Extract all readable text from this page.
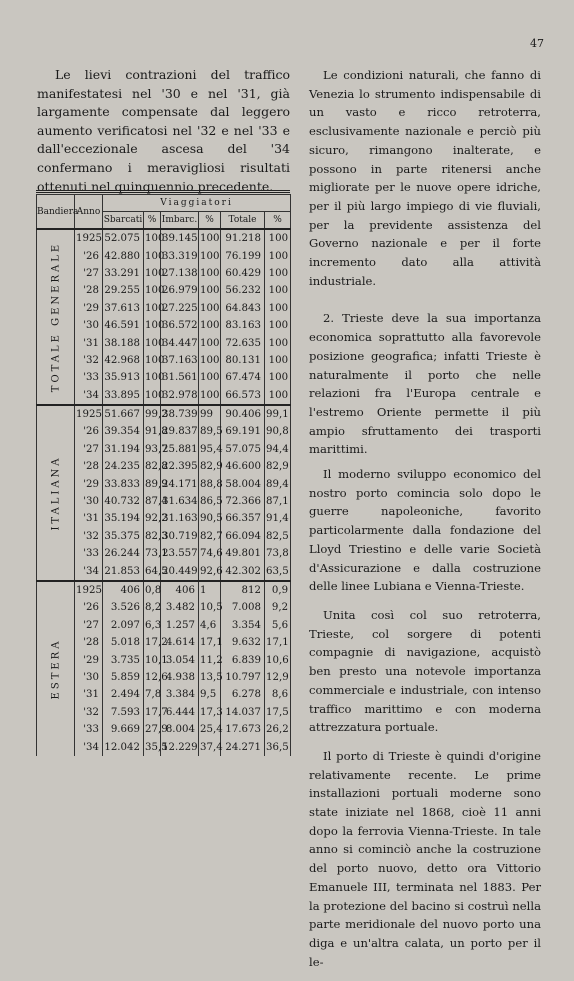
47

Le lievi contrazioni del traffico manifestatesi nel '30 e nel '31, già largamente compensate dal leggero aumento verificatosi nel '32 e nel '33 e dall'eccezionale ascesa del '34 confermano i meravigliosi risultati ottenuti nel quinquennio precedente.

Bandiera	Anno	Viaggiatori					
		Sbarcati	%	Imbarc.	%	Totale	%

TOTALE GENERALE	1925	52.075	100	39.145	100	91.218	100
	'26	42.880	100	33.319	100	76.199	100
	'27	33.291	100	27.138	100	60.429	100
	'28	29.255	100	26.979	100	56.232	100
	'29	37.613	100	27.225	100	64.843	100
	'30	46.591	100	36.572	100	83.163	100
	'31	38.188	100	34.447	100	72.635	100
	'32	42.968	100	37.163	100	80.131	100
	'33	35.913	100	31.561	100	67.474	100
	'34	33.895	100	32.978	100	66.573	100

ITALIANA	1925	51.667	99,2	38.739	99	90.406	99,1
	'26	39.354	91,8	29.837	89,5	69.191	90,8
	'27	31.194	93,7	25.881	95,4	57.075	94,4
	'28	24.235	82,8	22.395	82,9	46.600	82,9
	'29	33.833	89,9	24.171	88,8	58.004	89,4
	'30	40.732	87,4	31.634	86,5	72.366	87,1
	'31	35.194	92,2	31.163	90,5	66.357	91,4
	'32	35.375	82,3	30.719	82,7	66.094	82,5
	'33	26.244	73,1	23.557	74,6	49.801	73,8
	'34	21.853	64,5	20.449	92,6	42.302	63,5

ESTERA	1925	406	0,8	406	1	812	0,9
	'26	3.526	8,2	3.482	10,5	7.008	9,2
	'27	2.097	6,3	1.257	4,6	3.354	5,6
	'28	5.018	17,2	4.614	17,1	9.632	17,1
	'29	3.735	10,1	3.054	11,2	6.839	10,6
	'30	5.859	12,6	4.938	13,5	10.797	12,9
	'31	2.494	7,8	3.384	9,5	6.278	8,6
	'32	7.593	17,7	6.444	17,3	14.037	17,5
	'33	9.669	27,9	8.004	25,4	17.673	26,2
	'34	12.042	35,5	12.229	37,4	24.271	36,5

Le condizioni naturali, che fanno di Venezia lo strumento indispensabile di un vasto e ricco retroterra, esclusivamente nazionale e perciò più sicuro, rimangono inalterate, e possono in parte ritenersi anche migliorate per le nuove opere idriche, per il più largo impiego di vie fluviali, per la previdente assistenza del Governo nazionale e per il forte incremento dato alla attività industriale.

2. Trieste deve la sua importanza economica soprattutto alla favorevole posizione geografica; infatti Trieste è naturalmente il porto che nelle relazioni fra l'Europa centrale e l'estremo Oriente permette il più ampio sfruttamento dei trasporti marittimi.

Il moderno sviluppo economico del nostro porto comincia solo dopo le guerre napoleoniche, favorito particolarmente dalla fondazione del Lloyd Triestino e delle varie Società d'Assicurazione e dalla costruzione delle linee Lubiana e Vienna-Trieste.

Unita così col suo retroterra, Trieste, col sorgere di potenti compagnie di navigazione, acquistò ben presto una notevole importanza commerciale e industriale, con intenso traffico marittimo e con moderna attrezzatura portuale.

Il porto di Trieste è quindi d'origine relativamente recente. Le prime installazioni portuali moderne sono state iniziate nel 1868, cioè 11 anni dopo la ferrovia Vienna-Trieste. In tale anno si cominciò anche la costruzione del porto nuovo, detto ora Vittorio Emanuele III, terminata nel 1883. Per la protezione del bacino si costruì nella parte meridionale del nuovo porto una diga e un'altra calata, un porto per il le-
